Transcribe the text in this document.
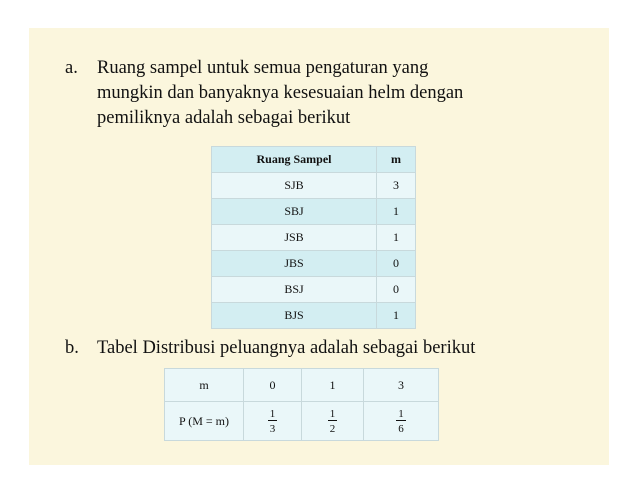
a. Ruang sampel untuk semua pengaturan yang
mungkin dan banyaknya kesesuaian helm dengan
pemiliknya adalah sebagai berikut
Ruang Sampel	m
SJB	3
SBJ	1
JSB	1
JBS	0
BSJ	0
BJS	1
b. Tabel Distribusi peluangnya adalah sebagai berikut
m	0	1	3
P (M = m)	$\frac{1}{3}$	$\frac{1}{2}$	$\frac{1}{6}$
